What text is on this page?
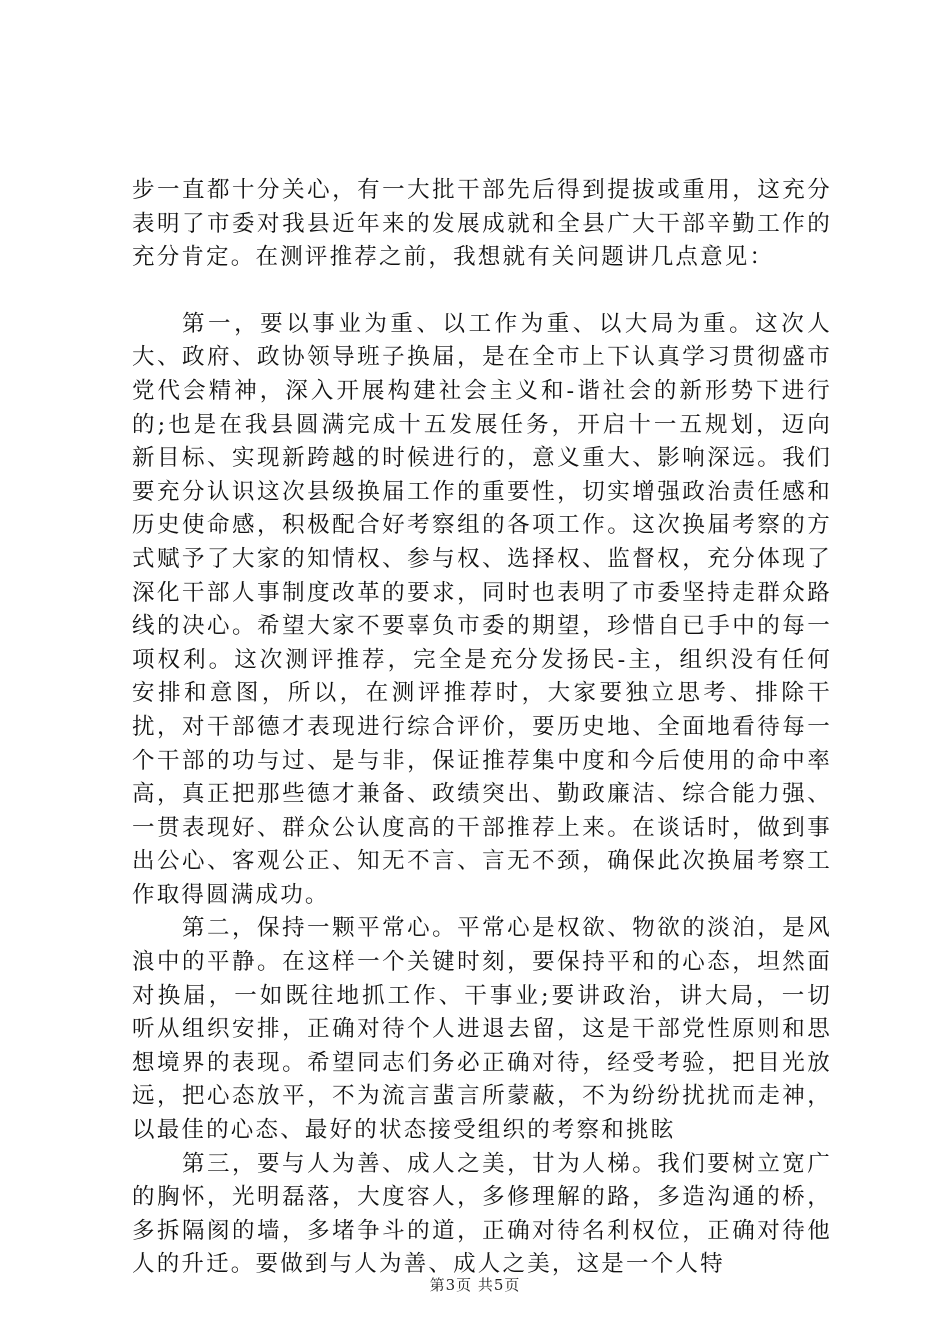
步一直都十分关心，有一大批干部先后得到提拔或重用，这充分表明了市委对我县近年来的发展成就和全县广大干部辛勤工作的充分肯定。在测评推荐之前，我想就有关问题讲几点意见：

第一，要以事业为重、以工作为重、以大局为重。这次人大、政府、政协领导班子换届，是在全市上下认真学习贯彻盛市党代会精神，深入开展构建社会主义和-谐社会的新形势下进行的;也是在我县圆满完成十五发展任务，开启十一五规划，迈向新目标、实现新跨越的时候进行的，意义重大、影响深远。我们要充分认识这次县级换届工作的重要性，切实增强政治责任感和历史使命感，积极配合好考察组的各项工作。这次换届考察的方式赋予了大家的知情权、参与权、选择权、监督权，充分体现了深化干部人事制度改革的要求，同时也表明了市委坚持走群众路线的决心。希望大家不要辜负市委的期望，珍惜自已手中的每一项权利。这次测评推荐，完全是充分发扬民-主，组织没有任何安排和意图，所以，在测评推荐时，大家要独立思考、排除干扰，对干部德才表现进行综合评价，要历史地、全面地看待每一个干部的功与过、是与非，保证推荐集中度和今后使用的命中率高，真正把那些德才兼备、政绩突出、勤政廉洁、综合能力强、一贯表现好、群众公认度高的干部推荐上来。在谈话时，做到事出公心、客观公正、知无不言、言无不颈，确保此次换届考察工作取得圆满成功。

第二，保持一颗平常心。平常心是权欲、物欲的淡泊，是风浪中的平静。在这样一个关键时刻，要保持平和的心态，坦然面对换届，一如既往地抓工作、干事业;要讲政治，讲大局，一切听从组织安排，正确对待个人进退去留，这是干部党性原则和思想境界的表现。希望同志们务必正确对待，经受考验，把目光放远，把心态放平，不为流言蜚言所蒙蔽，不为纷纷扰扰而走神，以最佳的心态、最好的状态接受组织的考察和挑眩

第三，要与人为善、成人之美，甘为人梯。我们要树立宽广的胸怀，光明磊落，大度容人，多修理解的路，多造沟通的桥，多拆隔阂的墙，多堵争斗的道，正确对待名利权位，正确对待他人的升迁。要做到与人为善、成人之美，这是一个人特

第3页 共5页
